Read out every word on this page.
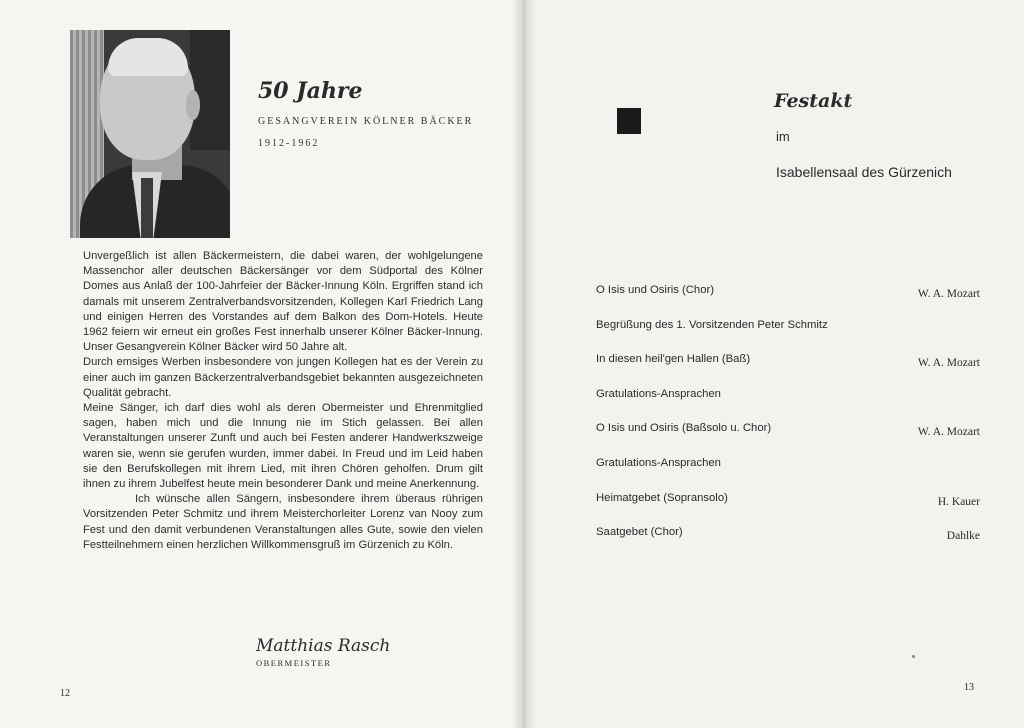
50 Jahre
GESANGVEREIN KÖLNER BÄCKER
1912-1962

Unvergeßlich ist allen Bäckermeistern, die dabei waren, der wohlgelungene Massenchor aller deutschen Bäckersänger vor dem Südportal des Kölner Domes aus Anlaß der 100-Jahrfeier der Bäcker-Innung Köln. Ergriffen stand ich damals mit unserem Zentralverbandsvorsitzenden, Kollegen Karl Friedrich Lang und einigen Herren des Vorstandes auf dem Balkon des Dom-Hotels. Heute 1962 feiern wir erneut ein großes Fest innerhalb unserer Kölner Bäcker-Innung. Unser Gesangverein Kölner Bäcker wird 50 Jahre alt.

Durch emsiges Werben insbesondere von jungen Kollegen hat es der Verein zu einer auch im ganzen Bäckerzentralverbandsgebiet bekannten ausgezeichneten Qualität gebracht.

Meine Sänger, ich darf dies wohl als deren Obermeister und Ehrenmitglied sagen, haben mich und die Innung nie im Stich gelassen. Bei allen Veranstaltungen unserer Zunft und auch bei Festen anderer Handwerkszweige waren sie, wenn sie gerufen wurden, immer dabei. In Freud und im Leid haben sie den Berufskollegen mit ihrem Lied, mit ihren Chören geholfen. Drum gilt ihnen zu ihrem Jubelfest heute mein besonderer Dank und meine Anerkennung.

Ich wünsche allen Sängern, insbesondere ihrem überaus rührigen Vorsitzenden Peter Schmitz und ihrem Meisterchorleiter Lorenz van Nooy zum Fest und den damit verbundenen Veranstaltungen alles Gute, sowie den vielen Festteilnehmern einen herzlichen Willkommensgruß im Gürzenich zu Köln.

Matthias Rasch
OBERMEISTER
12
Festakt
im
Isabellensaal des Gürzenich
O Isis und Osiris (Chor)	W. A. Mozart
Begrüßung des 1. Vorsitzenden Peter Schmitz
In diesen heil'gen Hallen (Baß)	W. A. Mozart
Gratulations-Ansprachen
O Isis und Osiris (Baßsolo u. Chor)	W. A. Mozart
Gratulations-Ansprachen
Heimatgebet (Sopransolo)	H. Kauer
Saatgebet (Chor)	Dahlke
13
